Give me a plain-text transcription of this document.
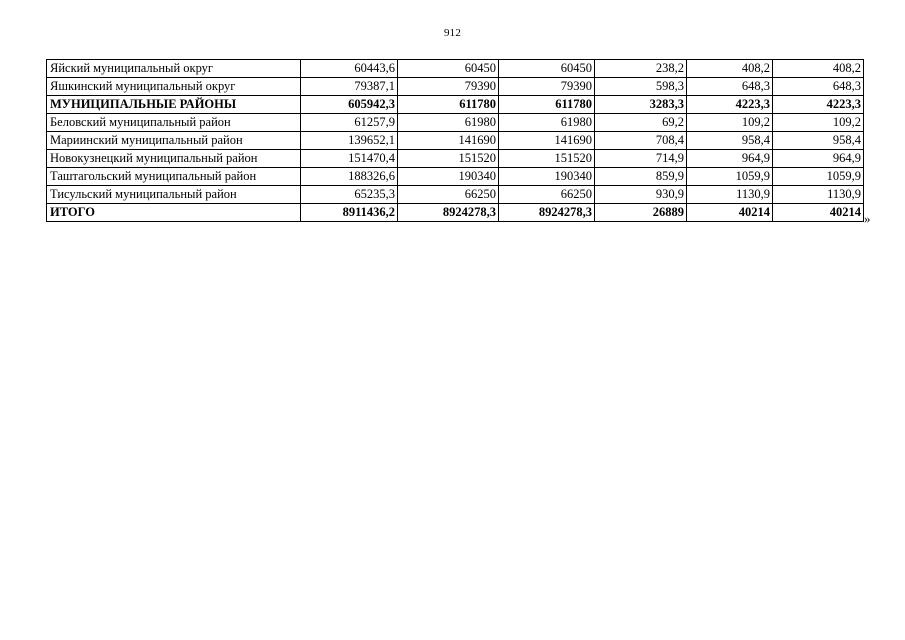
912
Яйский муниципальный округ	60443,6	60450	60450	238,2	408,2	408,2
Яшкинский муниципальный округ	79387,1	79390	79390	598,3	648,3	648,3
МУНИЦИПАЛЬНЫЕ РАЙОНЫ	605942,3	611780	611780	3283,3	4223,3	4223,3
Беловский муниципальный район	61257,9	61980	61980	69,2	109,2	109,2
Мариинский муниципальный район	139652,1	141690	141690	708,4	958,4	958,4
Новокузнецкий муниципальный район	151470,4	151520	151520	714,9	964,9	964,9
Таштагольский муниципальный район	188326,6	190340	190340	859,9	1059,9	1059,9
Тисульский муниципальный район	65235,3	66250	66250	930,9	1130,9	1130,9
ИТОГО	8911436,2	8924278,3	8924278,3	26889	40214	40214 »
